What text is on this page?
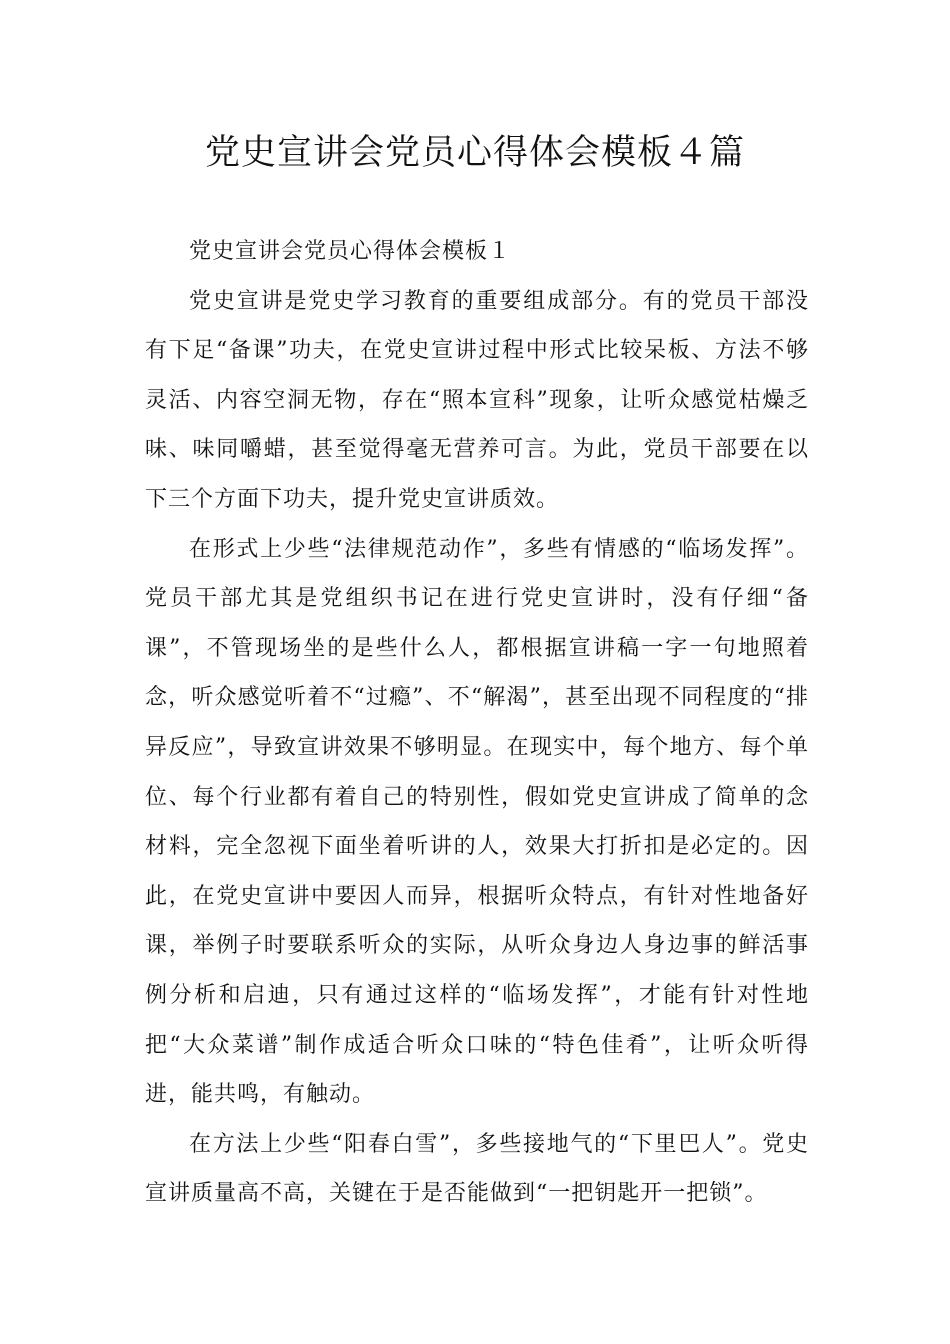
党史宣讲会党员心得体会模板４篇

党史宣讲会党员心得体会模板１

党史宣讲是党史学习教育的重要组成部分。有的党员干部没有下足“备课”功夫，在党史宣讲过程中形式比较呆板、方法不够灵活、内容空洞无物，存在“照本宣科”现象，让听众感觉枯燥乏味、味同嚼蜡，甚至觉得毫无营养可言。为此，党员干部要在以下三个方面下功夫，提升党史宣讲质效。

在形式上少些“法律规范动作”，多些有情感的“临场发挥”。党员干部尤其是党组织书记在进行党史宣讲时，没有仔细“备课”，不管现场坐的是些什么人，都根据宣讲稿一字一句地照着念，听众感觉听着不“过瘾”、不“解渴”，甚至出现不同程度的“排异反应”，导致宣讲效果不够明显。在现实中，每个地方、每个单位、每个行业都有着自己的特别性，假如党史宣讲成了简单的念材料，完全忽视下面坐着听讲的人，效果大打折扣是必定的。因此，在党史宣讲中要因人而异，根据听众特点，有针对性地备好课，举例子时要联系听众的实际，从听众身边人身边事的鲜活事例分析和启迪，只有通过这样的“临场发挥”，才能有针对性地把“大众菜谱”制作成适合听众口味的“特色佳肴”，让听众听得进，能共鸣，有触动。

在方法上少些“阳春白雪”，多些接地气的“下里巴人”。党史宣讲质量高不高，关键在于是否能做到“一把钥匙开一把锁”。
